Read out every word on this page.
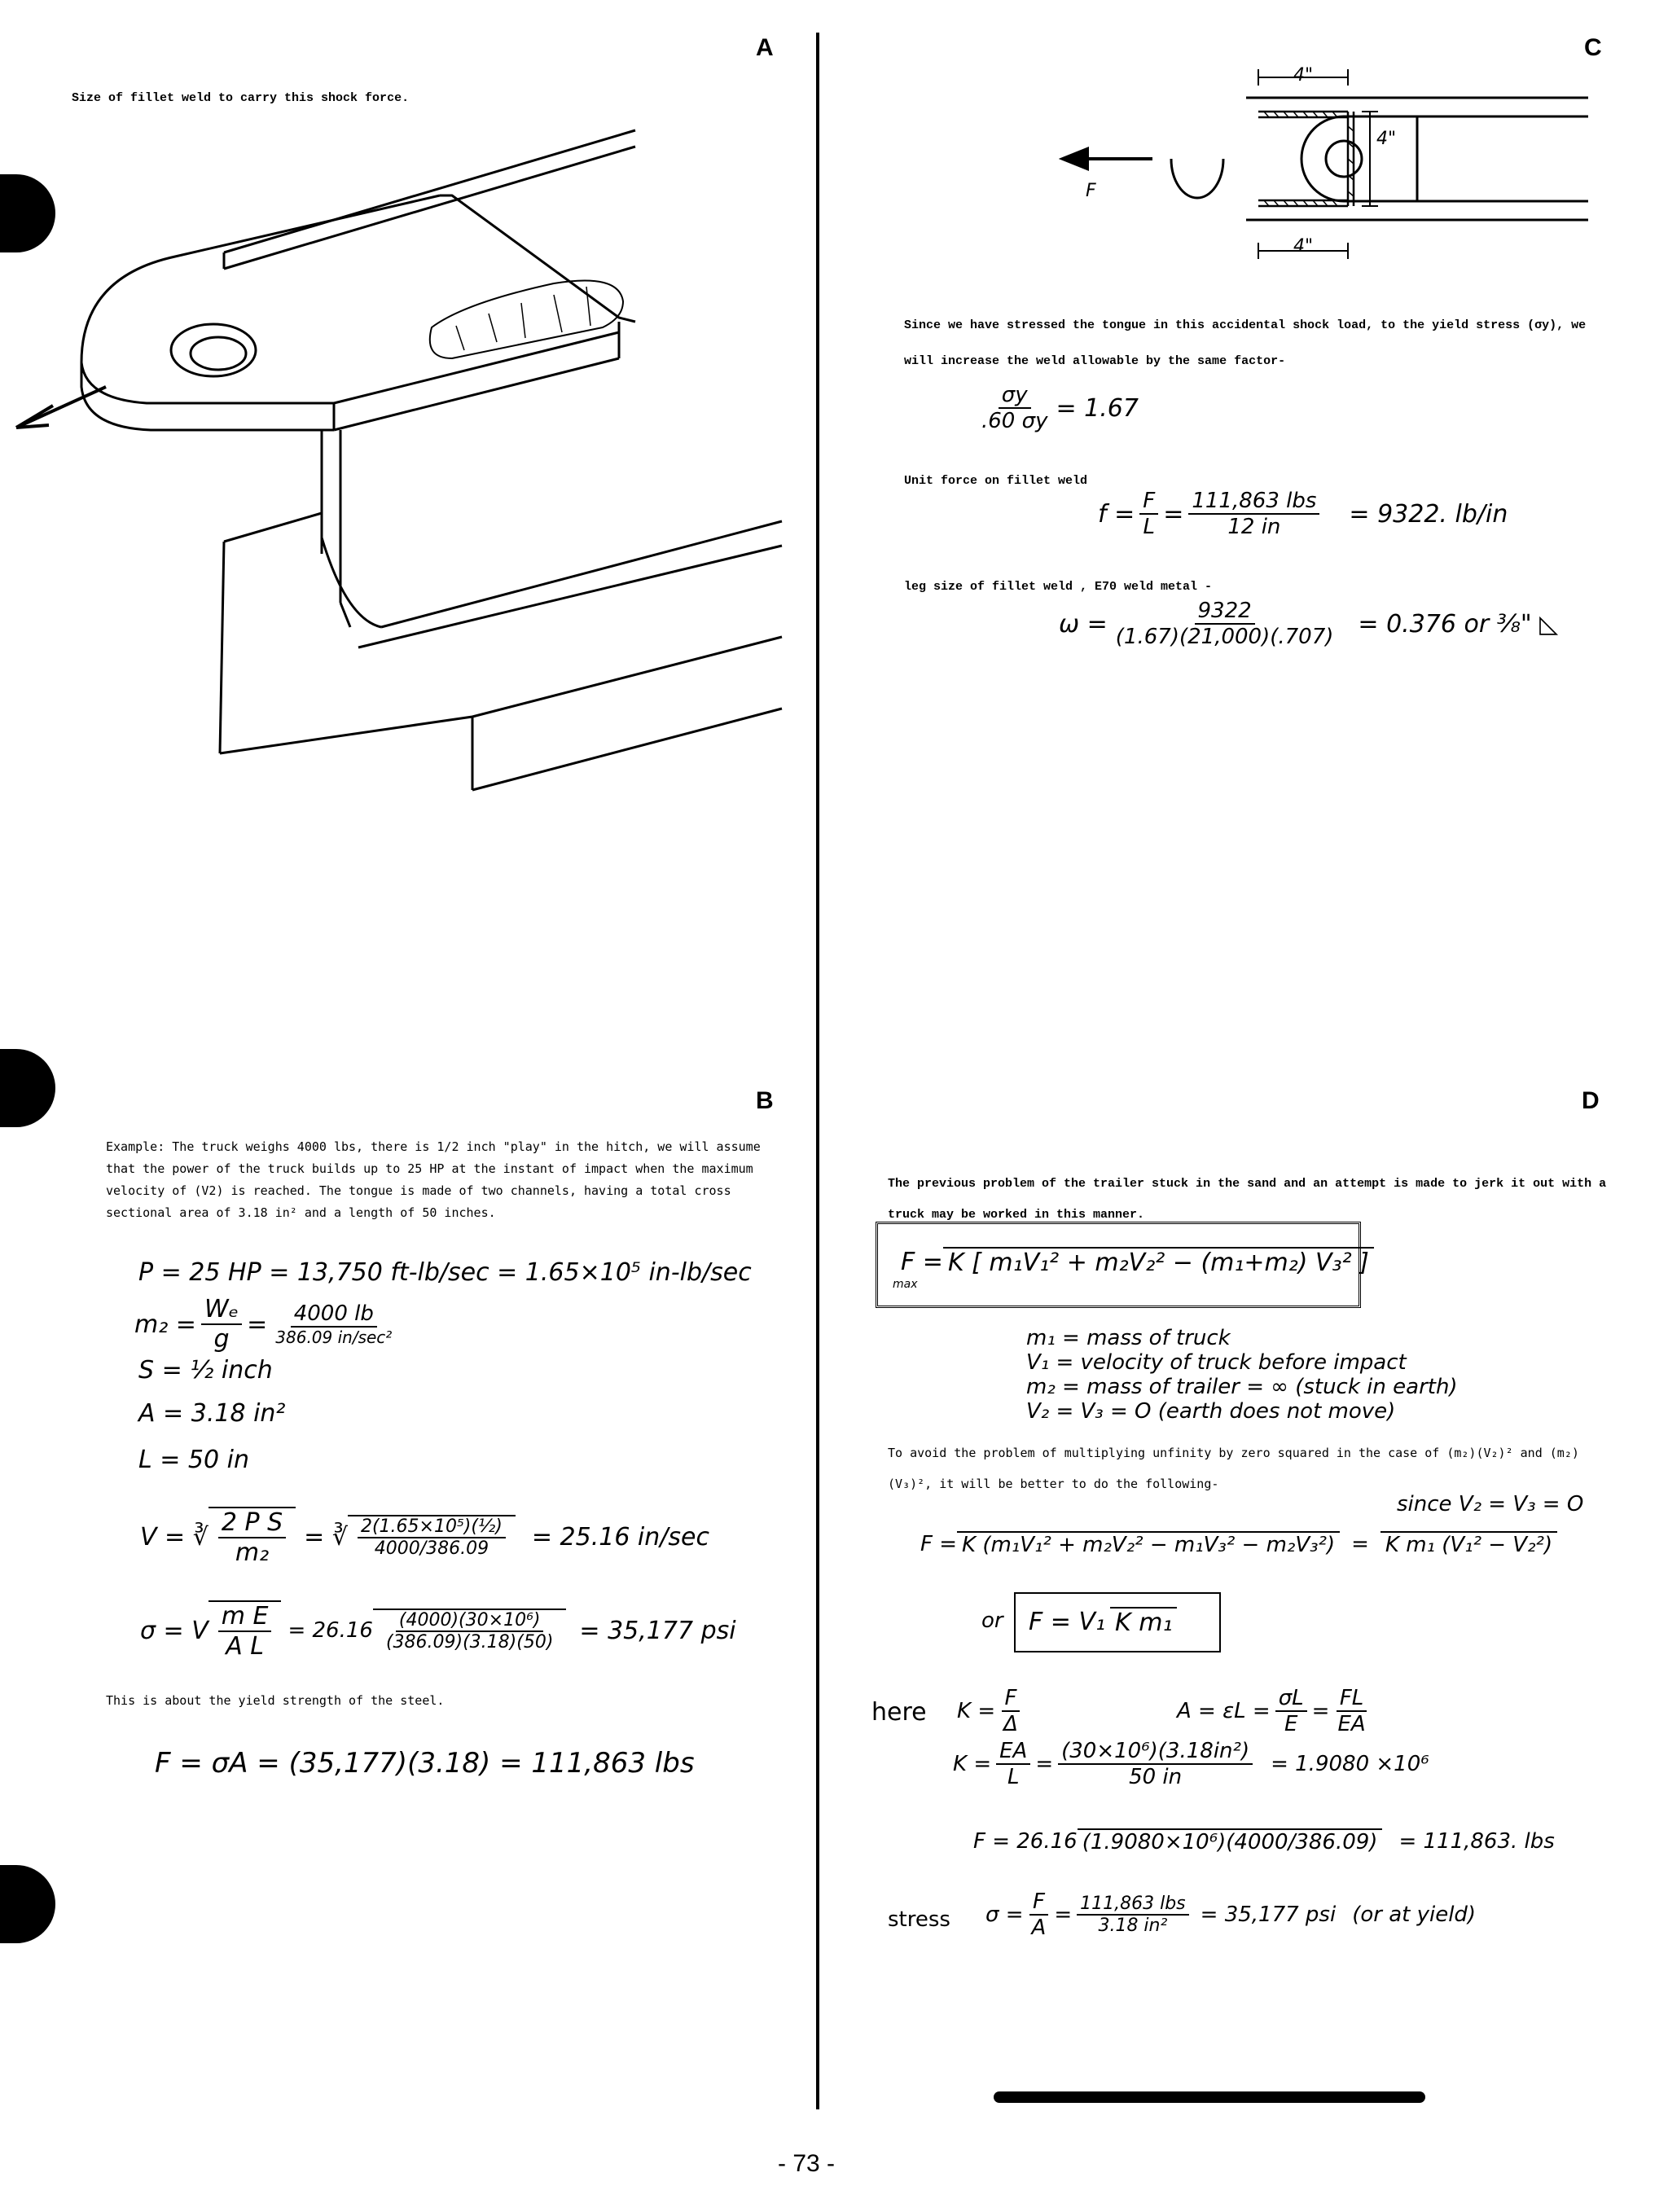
A
Size of fillet weld to carry this shock force.
B
Example: The truck weighs 4000 lbs, there is 1/2 inch "play" in the hitch, we will assume that the power of the truck builds up to 25 HP at the instant of impact when the maximum velocity of (V2) is reached. The tongue is made of two channels, having a total cross sectional area of 3.18 in² and a length of 50 inches.
P = 25 HP = 13,750 ft-lb/sec = 1.65×10⁵ in-lb/sec
$m_2 = \frac{\text{Wₑ}}{g} = \frac{4000 lb}{\text{386.09 in/sec²}}$
S = ½ inch
A = 3.18 in²
L = 50 in
V = ∛ $\frac{\text{2 P S}}{\text{m₂}}$ = ∛ $\frac{\text{2(1.65×10⁵)(½)}}{4000/386.09} = 25.16$ in/sec
σ = V $\frac{\text{m E}}{\text{A L}} = 26.16 \frac{\text{(4000)(30×10⁶)}}{(386.09)(3.18)(50)} = 35,177$ psi
This is about the yield strength of the steel.
F = σA = (35,177)(3.18) = 111,863 lbs
C
4"
4"
4"
F
Since we have stressed the tongue in this accidental shock load, to the yield stress (σy), we will increase the weld allowable by the same factor-
$\frac{\sigma y}{.60 \sigma y} = 1.67$
Unit force on fillet weld
$f = \frac{F}{L} = \frac{\text{111,863 lbs}}{12 in} = 9322$. lb/in
leg size of fillet weld , E70 weld metal -
$\omega = \frac{9322}{(1.67)(21,000)(.707)} = 0.376$ or ⅜" ◺
D
The previous problem of the trailer stuck in the sand and an attempt is made to jerk it out with a truck may be worked in this manner.
F = K [ m₁V₁² + m₂V₂² − (m₁+m₂) V₃² ]
max
m₁ = mass of truck
V₁ = velocity of truck before impact
m₂ = mass of trailer = ∞ (stuck in earth)
V₂ = V₃ = O (earth does not move)
To avoid the problem of multiplying unfinity by zero squared in the case of (m₂)(V₂)² and (m₂)(V₃)², it will be better to do the following-
since V₂ = V₃ = O
F = K (m₁V₁² + m₂V₂² − m₁V₃² − m₂V₃²) = K m₁ (V₁² − V₂²)
or F = V₁ K m₁
here $K = \frac{F}{\Delta}$	$A = \varepsilon L = \frac{\sigma L}{E} = \frac{FL}{EA}$
$K = \frac{EA}{L} = \frac{\text{(30×10⁶)(3.18in²)}}{50 in} = 1.9080 \times 10^6$
F = 26.16 (1.9080×10⁶)(4000/386.09) = 111,863. lbs
stress $\sigma = \frac{F}{A} = \frac{\text{111,863 lbs}}{\text{3.18 in²}} = 35,177$ psi (or at yield)
- 73 -
